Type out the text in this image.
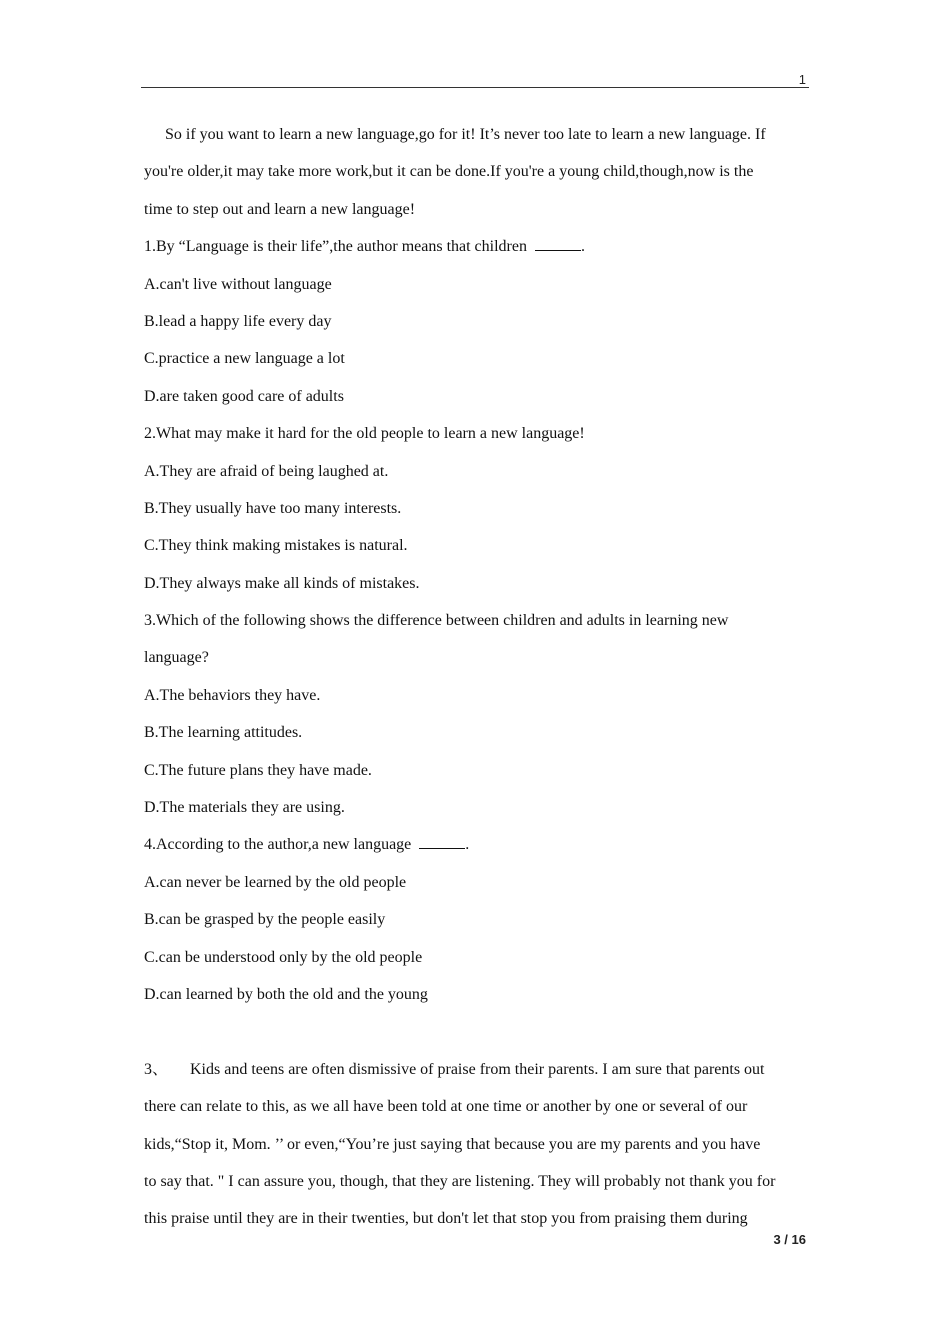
1
So if you want to learn a new language,go for it! It’s never too late to learn a new language. If
you're older,it may take more work,but it can be done.If you're a young child,though,now is the
time to step out and learn a new language!
1.By “Language is their life”,the author means that children	.
A.can't live without language
B.lead a happy life every day
C.practice a new language a lot
D.are taken good care of adults
2.What may make it hard for the old people to learn a new language!
A.They are afraid of being laughed at.
B.They usually have too many interests.
C.They think making mistakes is natural.
D.They always make all kinds of mistakes.
3.Which of the following shows the difference between children and adults in learning new
language?
A.The behaviors they have.
B.The learning attitudes.
C.The future plans they have made.
D.The materials they are using.
4.According to the author,a new language	.
A.can never be learned by the old people
B.can be grasped by the people easily
C.can be understood only by the old people
D.can learned by both the old and the young
3、 Kids and teens are often dismissive of praise from their parents. I am sure that parents out
there can relate to this, as we all have been told at one time or another by one or several of our
kids,“Stop it, Mom. ’’ or even,“You’re just saying that because you are my parents and you have
to say that. " I can assure you, though, that they are listening. They will probably not thank you for
this praise until they are in their twenties, but don't let that stop you from praising them during
3 / 16
